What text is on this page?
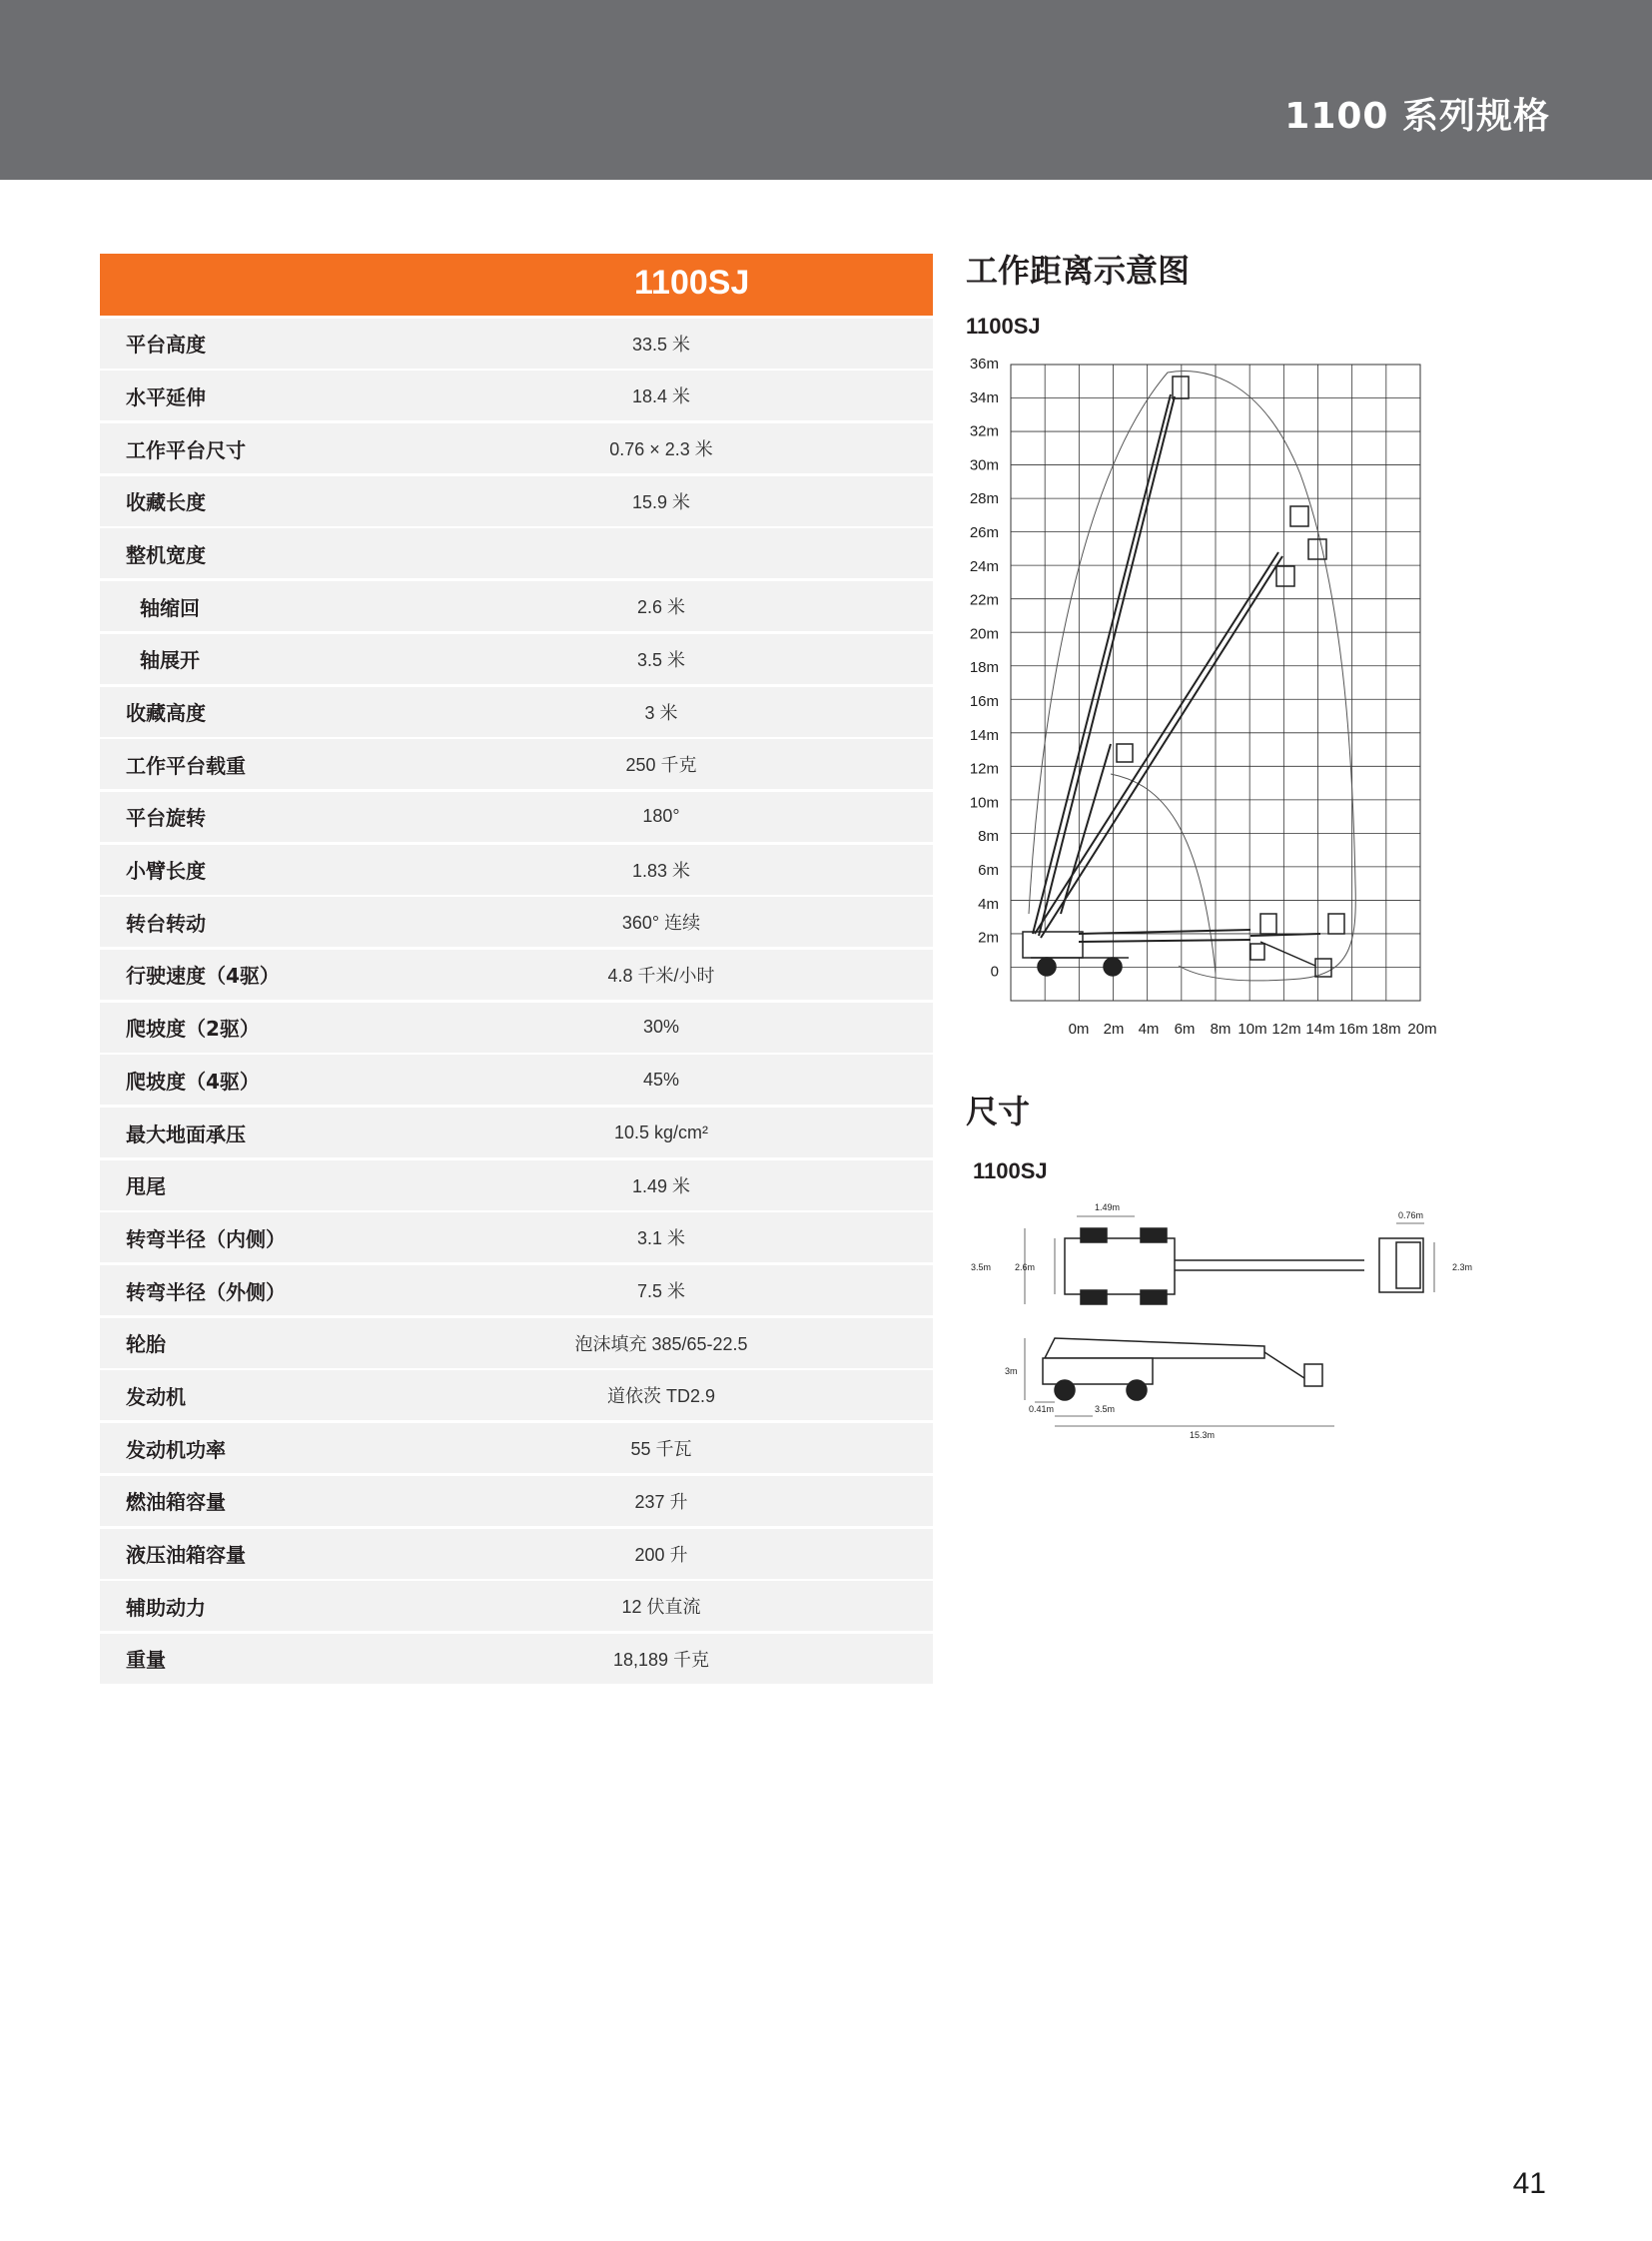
1100 系列规格
1100SJ
平台高度	33.5 米
水平延伸	18.4 米
工作平台尺寸	0.76 × 2.3 米
收藏长度	15.9 米
整机宽度
轴缩回	2.6 米
轴展开	3.5 米
收藏高度	3 米
工作平台载重	250 千克
平台旋转	180°
小臂长度	1.83 米
转台转动	360° 连续
行驶速度（4驱）	4.8 千米/小时
爬坡度（2驱）	30%
爬坡度（4驱）	45%
最大地面承压	10.5 kg/cm²
甩尾	1.49 米
转弯半径（内侧）	3.1 米
转弯半径（外侧）	7.5 米
轮胎	泡沫填充 385/65-22.5
发动机	道依茨 TD2.9
发动机功率	55 千瓦
燃油箱容量	237 升
液压油箱容量	200 升
辅助动力	12 伏直流
重量	18,189 千克
工作距离示意图
1100SJ
36m
34m
32m
30m
28m
26m
24m
22m
20m
18m
16m
14m
12m
10m
8m
6m
4m
2m
0
0m 2m 4m 6m 8m 10m 12m 14m 16m 18m 20m
尺寸
1100SJ
1.49m
0.76m
3.5m	2.6m	2.3m
3m
0.41m	3.5m
15.3m
41
